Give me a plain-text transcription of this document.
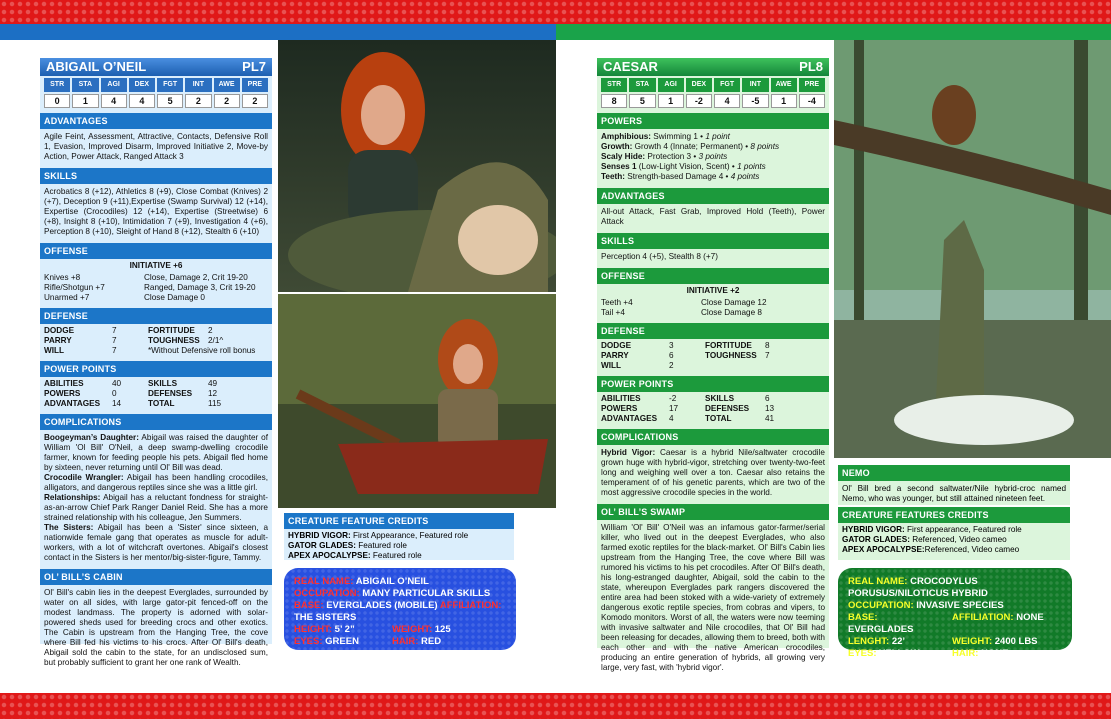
ABIGAIL O’NEIL	PL7
STR	STA	AGI	DEX	FGT	INT	AWE	PRE
0	1	4	4	5	2	2	2
ADVANTAGES
Agile Feint, Assessment, Attractive, Contacts, Defensive Roll 1, Evasion, Improved Disarm, Improved Initiative 2, Move-by Action, Power Attack, Ranged Attack 3
SKILLS
Acrobatics 8 (+12), Athletics 8 (+9), Close Combat (Knives) 2 (+7), Deception 9 (+11),Expertise (Swamp Survival) 12 (+14), Expertise (Crocodiles) 12 (+14), Expertise (Streetwise) 6 (+8), Insight 8 (+10), Intimidation 7 (+9), Investigation 4 (+6), Perception 8 (+10), Sleight of Hand 8 (+12), Stealth 6 (+10)
OFFENSE
INITIATIVE +6
Knives +8	Close, Damage 2, Crit 19-20
Rifle/Shotgun +7	Ranged, Damage 3, Crit 19-20
Unarmed +7	Close Damage 0
DEFENSE
DODGE	7	FORTITUDE	2
PARRY	7	TOUGHNESS	2/1^
WILL	7	*Without Defensive roll bonus
POWER POINTS
ABILITIES	40	SKILLS	49
POWERS	0	DEFENSES	12
ADVANTAGES	14	TOTAL	115
COMPLICATIONS
Boogeyman’s Daughter: Abigail was raised the daughter of William 'Ol Bill' O'Neil, a deep swamp-dwelling crocodile farmer, known for feeding people his pets. Abigail fled home by sixteen, never returning until Ol' Bill was dead.
Crocodile Wrangler: Abigail has been handling crocodiles, alligators, and dangerous reptiles since she was a little girl.
Relationships: Abigail has a reluctant fondness for straight-as-an-arrow Chief Park Ranger Daniel Reid. She has a more strained relationship with his colleague, Jen Summers.
The Sisters: Abigail has been a 'Sister' since sixteen, a nationwide female gang that operates as muscle for adult-workers, with a lot of witchcraft overtones. Abigail's closest contact in the Sisters is her mentor/big-sister-figure, Tammy.
OL’ BILL’S CABIN
Ol' Bill's cabin lies in the deepest Everglades, surrounded by water on all sides, with large gator-pit fenced-off on the modest landmass. The property is adorned with solar-powered sheds used for breeding crocs and other exotics. The Cabin is upstream from the Hanging Tree, the cove where Bill fed his victims to his crocs. After Ol' Bill's death, Abigail sold the cabin to the state, for an undisclosed sum, but probably sufficient to grant her one rank of Wealth.
CREATURE FEATURE CREDITS
HYBRID VIGOR: First Appearance, Featured role
GATOR GLADES: Featured role
APEX APOCALYPSE: Featured role
REAL NAME: ABIGAIL O’NEIL
OCCUPATION: MANY PARTICULAR SKILLS
BASE: EVERGLADES (MOBILE) AFFILIATION: THE SISTERS
HEIGHT: 5’ 2”	WEIGHT: 125
EYES: GREEN	HAIR: RED
CAESAR	PL8
STR	STA	AGI	DEX	FGT	INT	AWE	PRE
8	5	1	-2	4	-5	1	-4
POWERS
Amphibious: Swimming 1 • 1 point
Growth: Growth 4 (Innate; Permanent) • 8 points
Scaly Hide: Protection 3 • 3 points
Senses 1 (Low-Light Vision, Scent) • 1 points
Teeth: Strength-based Damage 4 • 4 points
ADVANTAGES
All-out Attack, Fast Grab, Improved Hold (Teeth), Power Attack
SKILLS
Perception 4 (+5), Stealth 8 (+7)
OFFENSE
INITIATIVE +2
Teeth +4	Close Damage 12
Tail +4	Close Damage 8
DEFENSE
DODGE	3	FORTITUDE	8
PARRY	6	TOUGHNESS	7
WILL	2
POWER POINTS
ABILITIES	-2	SKILLS	6
POWERS	17	DEFENSES	13
ADVANTAGES	4	TOTAL	41
COMPLICATIONS
Hybrid Vigor: Caesar is a hybrid Nile/saltwater crocodile grown huge with hybrid-vigor, stretching over twenty-two-feet long and weighing well over a ton. Caesar also retains the temperament of of his genetic parents, which are two of the most aggressive crocodile species in the world.
OL’ BILL’S SWAMP
William 'Ol' Bill' O'Neil was an infamous gator-farmer/serial killer, who lived out in the deepest Everglades, who also farmed exotic reptiles for the black-market. Ol' Bill's Cabin lies upstream from the Hanging Tree, the cove where Bill was rumored his victims to his pet crocodiles. After Ol' Bill's death, his long-estranged daughter, Abigail, sold the cabin to the state, whereupon Everglades park rangers discovered the entire area had been stoked with a wide-variety of extremely dangerous exotic reptile species, from cobras and vipers, to Komodo monitors. Worst of all, the waters were now teeming with invasive saltwater and Nile crocodiles, that Ol' Bill had been releasing for decades, allowing them to breed, both with each other and with the native American crocodiles, producing an entire generation of hybrids, all growing very large, very fast, with 'hybrid vigor'.
NEMO
Ol' Bill bred a second saltwater/Nile hybrid-croc named Nemo, who was younger, but still attained nineteen feet.
CREATURE FEATURES CREDITS
HYBRID VIGOR: First appearance, Featured role
GATOR GLADES: Referenced, Video cameo
APEX APOCALYPSE:Referenced, Video cameo
REAL NAME: CROCODYLUS PORUSUS/NILOTICUS HYBRID
OCCUPATION: INVASIVE SPECIES
BASE: EVERGLADES
AFFILIATION: NONE
LENGHT: 22’	WEIGHT: 2400 LBS
EYES: YELLOW	HAIR: NONE
